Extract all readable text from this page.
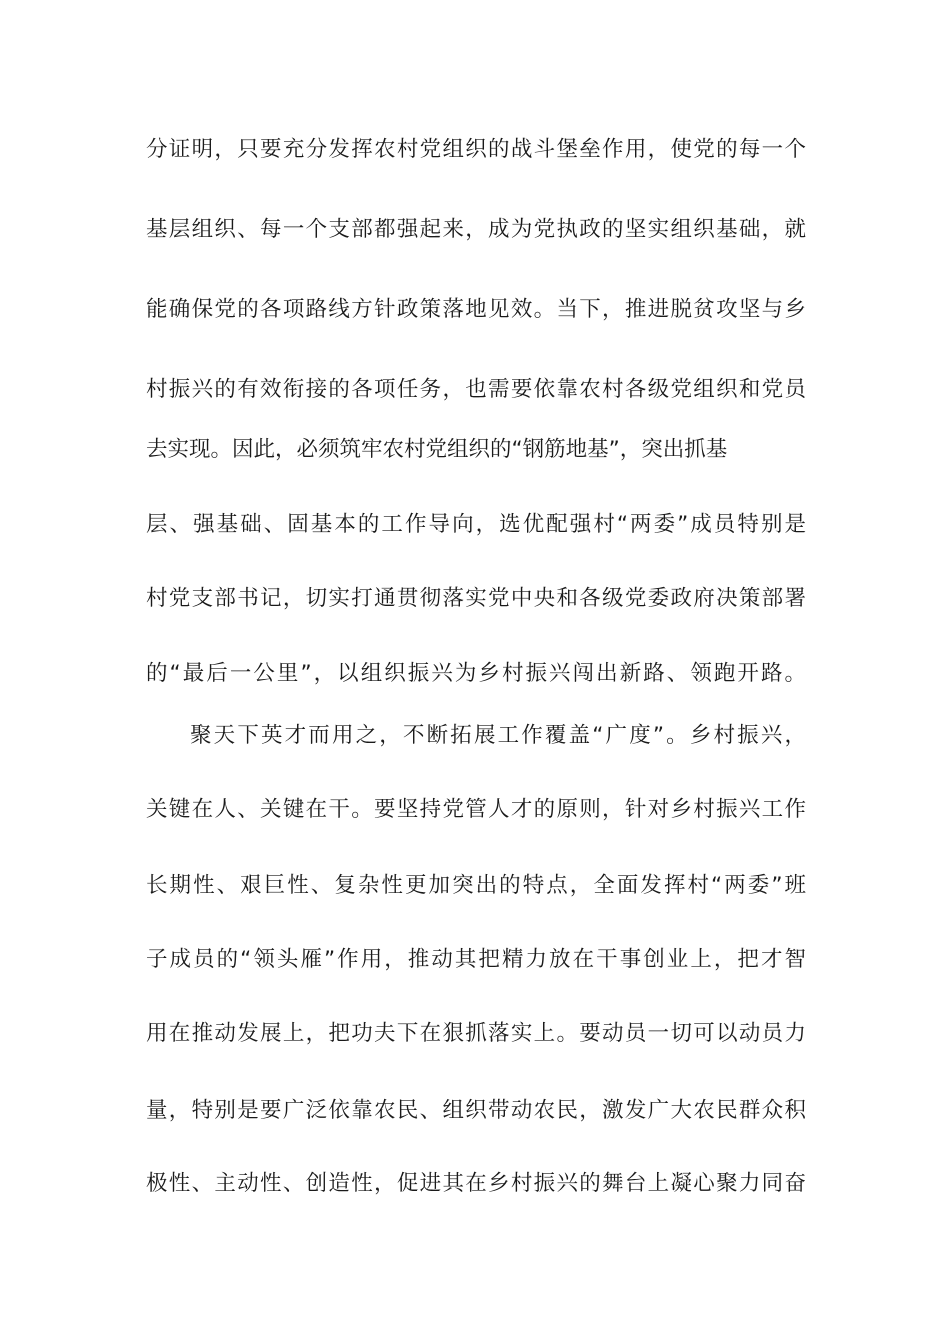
分证明，只要充分发挥农村党组织的战斗堡垒作用，使党的每一个
基层组织、每一个支部都强起来，成为党执政的坚实组织基础，就
能确保党的各项路线方针政策落地见效。当下，推进脱贫攻坚与乡
村振兴的有效衔接的各项任务，也需要依靠农村各级党组织和党员
去实现。因此，必须筑牢农村党组织的“钢筋地基”，突出抓基
层、强基础、固基本的工作导向，选优配强村“两委”成员特别是
村党支部书记，切实打通贯彻落实党中央和各级党委政府决策部署
的“最后一公里”，以组织振兴为乡村振兴闯出新路、领跑开路。
聚天下英才而用之，不断拓展工作覆盖“广度”。乡村振兴，
关键在人、关键在干。要坚持党管人才的原则，针对乡村振兴工作
长期性、艰巨性、复杂性更加突出的特点，全面发挥村“两委”班
子成员的“领头雁”作用，推动其把精力放在干事创业上，把才智
用在推动发展上，把功夫下在狠抓落实上。要动员一切可以动员力
量，特别是要广泛依靠农民、组织带动农民，激发广大农民群众积
极性、主动性、创造性，促进其在乡村振兴的舞台上凝心聚力同奋
